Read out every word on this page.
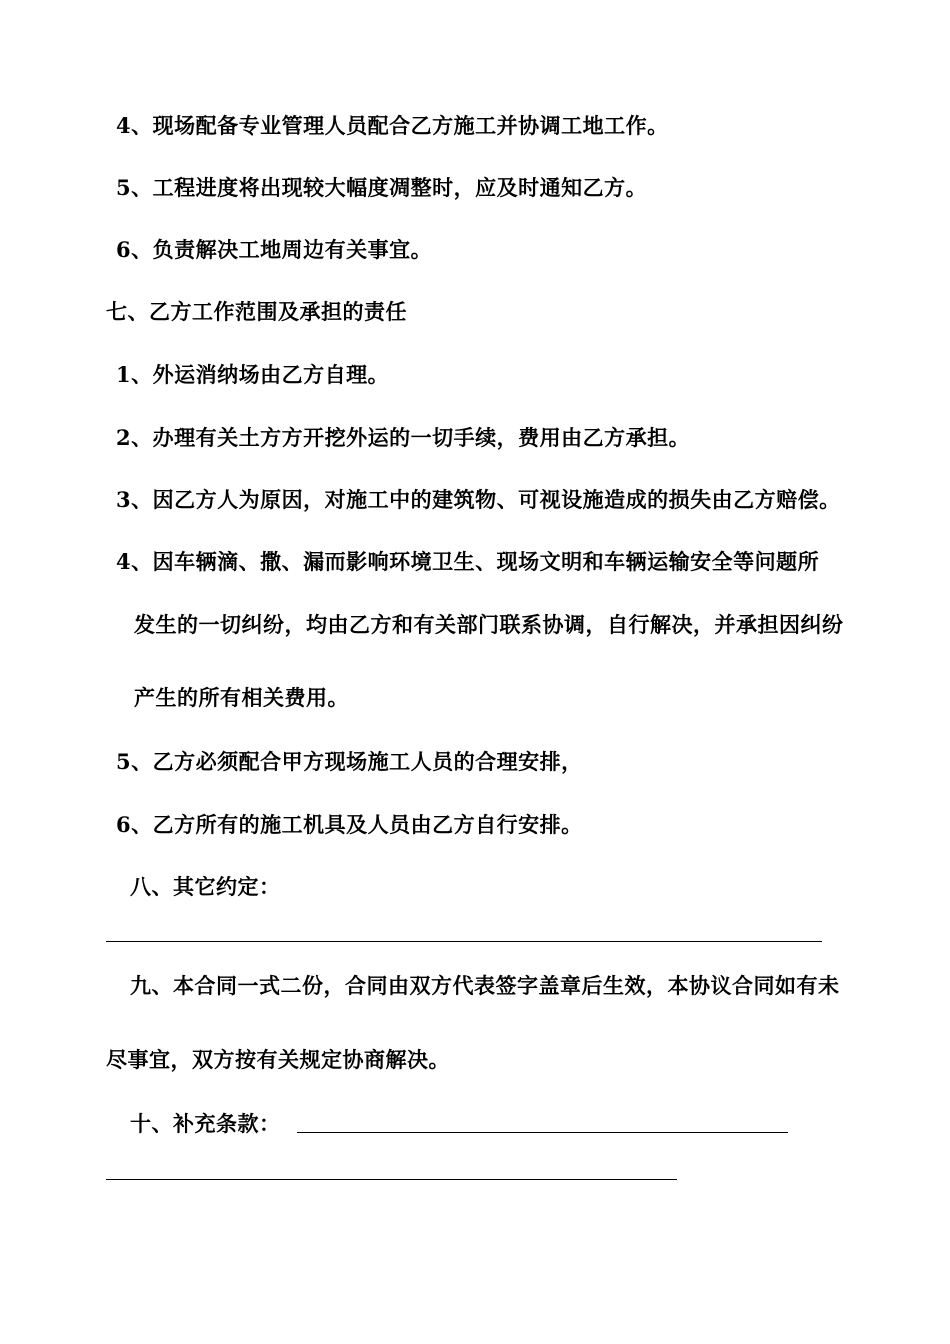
4、现场配备专业管理人员配合乙方施工并协调工地工作。
5、工程进度将出现较大幅度凋整时，应及时通知乙方。
6、负责解决工地周边有关事宜。
七、乙方工作范围及承担的责任
1、外运消纳场由乙方自理。
2、办理有关土方方开挖外运的一切手续，费用由乙方承担。
3、因乙方人为原因，对施工中的建筑物、可视设施造成的损失由乙方赔偿。
4、因车辆滴、撒、漏而影响环境卫生、现场文明和车辆运输安全等问题所
发生的一切纠纷，均由乙方和有关部门联系协调，自行解决，并承担因纠纷
产生的所有相关费用。
5、乙方必须配合甲方现场施工人员的合理安排，
6、乙方所有的施工机具及人员由乙方自行安排。
八、其它约定：
九、本合同一式二份，合同由双方代表签字盖章后生效，本协议合同如有未
尽事宜，双方按有关规定协商解决。
十、补充条款：
